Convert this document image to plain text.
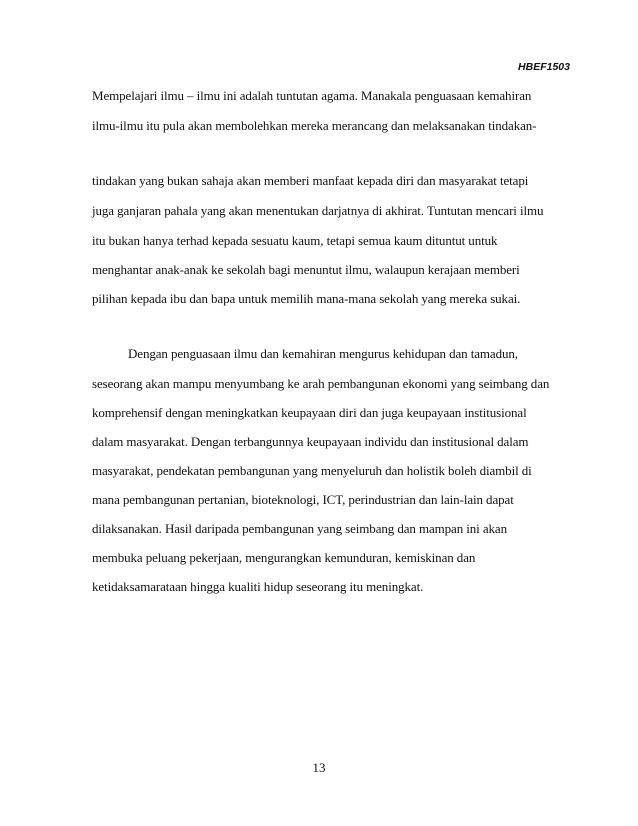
HBEF1503
Mempelajari ilmu – ilmu ini adalah tuntutan agama. Manakala penguasaan kemahiran
ilmu-ilmu itu pula akan membolehkan mereka merancang dan melaksanakan tindakan-
tindakan yang bukan sahaja akan memberi manfaat kepada diri dan masyarakat tetapi
juga ganjaran pahala yang akan menentukan darjatnya di akhirat. Tuntutan mencari ilmu
itu bukan hanya terhad kepada sesuatu kaum, tetapi semua kaum dituntut untuk
menghantar anak-anak ke sekolah bagi menuntut ilmu, walaupun kerajaan memberi
pilihan kepada ibu dan bapa untuk memilih mana-mana sekolah yang mereka sukai.
Dengan penguasaan ilmu dan kemahiran mengurus kehidupan dan tamadun,
seseorang akan mampu menyumbang ke arah pembangunan ekonomi yang seimbang dan
komprehensif dengan meningkatkan keupayaan diri dan juga keupayaan institusional
dalam masyarakat. Dengan terbangunnya keupayaan individu dan institusional dalam
masyarakat, pendekatan pembangunan yang menyeluruh dan holistik boleh diambil di
mana pembangunan pertanian, bioteknologi, ICT, perindustrian dan lain-lain dapat
dilaksanakan. Hasil daripada pembangunan yang seimbang dan mampan ini akan
membuka peluang pekerjaan, mengurangkan kemunduran, kemiskinan dan
ketidaksamarataan hingga kualiti hidup seseorang itu meningkat.
13
